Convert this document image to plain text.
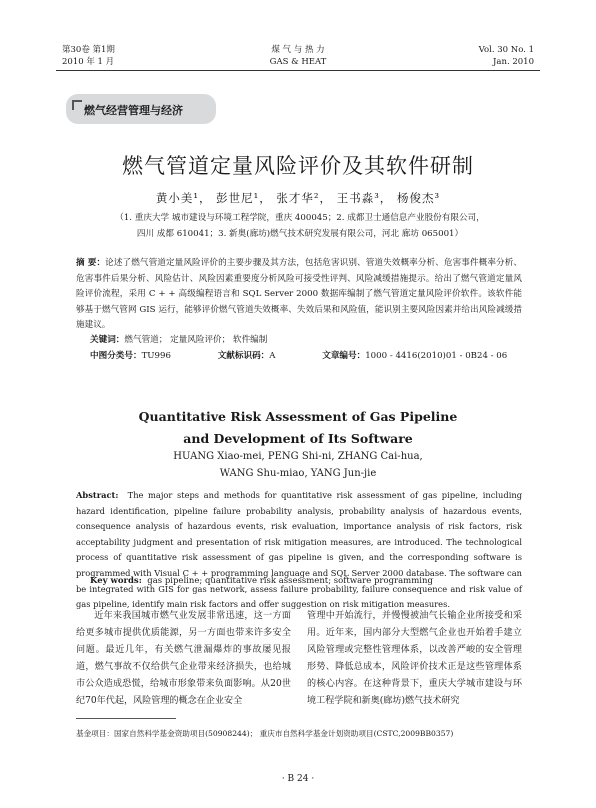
第30卷 第1期
2010 年 1 月
煤 气 与 热 力
GAS & HEAT
Vol. 30 No. 1
Jan. 2010
燃气经营管理与经济
燃气管道定量风险评价及其软件研制
黄小美¹， 彭世尼¹， 张才华²， 王书淼³， 杨俊杰³
（1. 重庆大学 城市建设与环境工程学院，重庆 400045；2. 成都卫士通信息产业股份有限公司，
四川 成都 610041；3. 新奥(廊坊)燃气技术研究发展有限公司，河北 廊坊 065001）
摘 要：论述了燃气管道定量风险评价的主要步骤及其方法，包括危害识别、管道失效概率分析、危害事件概率分析、危害事件后果分析、风险估计、风险因素重要度分析风险可接受性评判、风险减缓措施提示。给出了燃气管道定量风险评价流程，采用 C + + 高级编程语言和 SQL Server 2000 数据库编制了燃气管道定量风险评价软件。该软件能够基于燃气管网 GIS 运行，能够评价燃气管道失效概率、失效后果和风险值，能识别主要风险因素并给出风险减缓措施建议。
关键词：燃气管道； 定量风险评价； 软件编制
中图分类号：TU996	文献标识码：A	文章编号：1000 - 4416(2010)01 - 0B24 - 06
Quantitative Risk Assessment of Gas Pipeline
and Development of Its Software
HUANG Xiao-mei, PENG Shi-ni, ZHANG Cai-hua,
WANG Shu-miao, YANG Jun-jie
Abstract: The major steps and methods for quantitative risk assessment of gas pipeline, including hazard identification, pipeline failure probability analysis, probability analysis of hazardous events, consequence analysis of hazardous events, risk evaluation, importance analysis of risk factors, risk acceptability judgment and presentation of risk mitigation measures, are introduced. The technological process of quantitative risk assessment of gas pipeline is given, and the corresponding software is programmed with Visual C + + programming language and SQL Server 2000 database. The software can be integrated with GIS for gas network, assess failure probability, failure consequence and risk value of gas pipeline, identify main risk factors and offer suggestion on risk mitigation measures.
Key words: gas pipeline; quantitative risk assessment; software programming
近年来我国城市燃气业发展非常迅速，这一方面给更多城市提供优质能源，另一方面也带来许多安全问题。最近几年，有关燃气泄漏爆炸的事故屡见报道，燃气事故不仅给供气企业带来经济损失，也给城市公众造成恐慌，给城市形象带来负面影响。从20世纪70年代起，风险管理的概念在企业安全
管理中开始流行，并慢慢被油气长输企业所接受和采用。近年来，国内部分大型燃气企业也开始着手建立风险管理或完整性管理体系，以改善严峻的安全管理形势、降低总成本，风险评价技术正是这些管理体系的核心内容。在这种背景下，重庆大学城市建设与环境工程学院和新奥(廊坊)燃气技术研究
基金项目：国家自然科学基金资助项目(50908244)； 重庆市自然科学基金计划资助项目(CSTC,2009BB0357)
· B 24 ·
